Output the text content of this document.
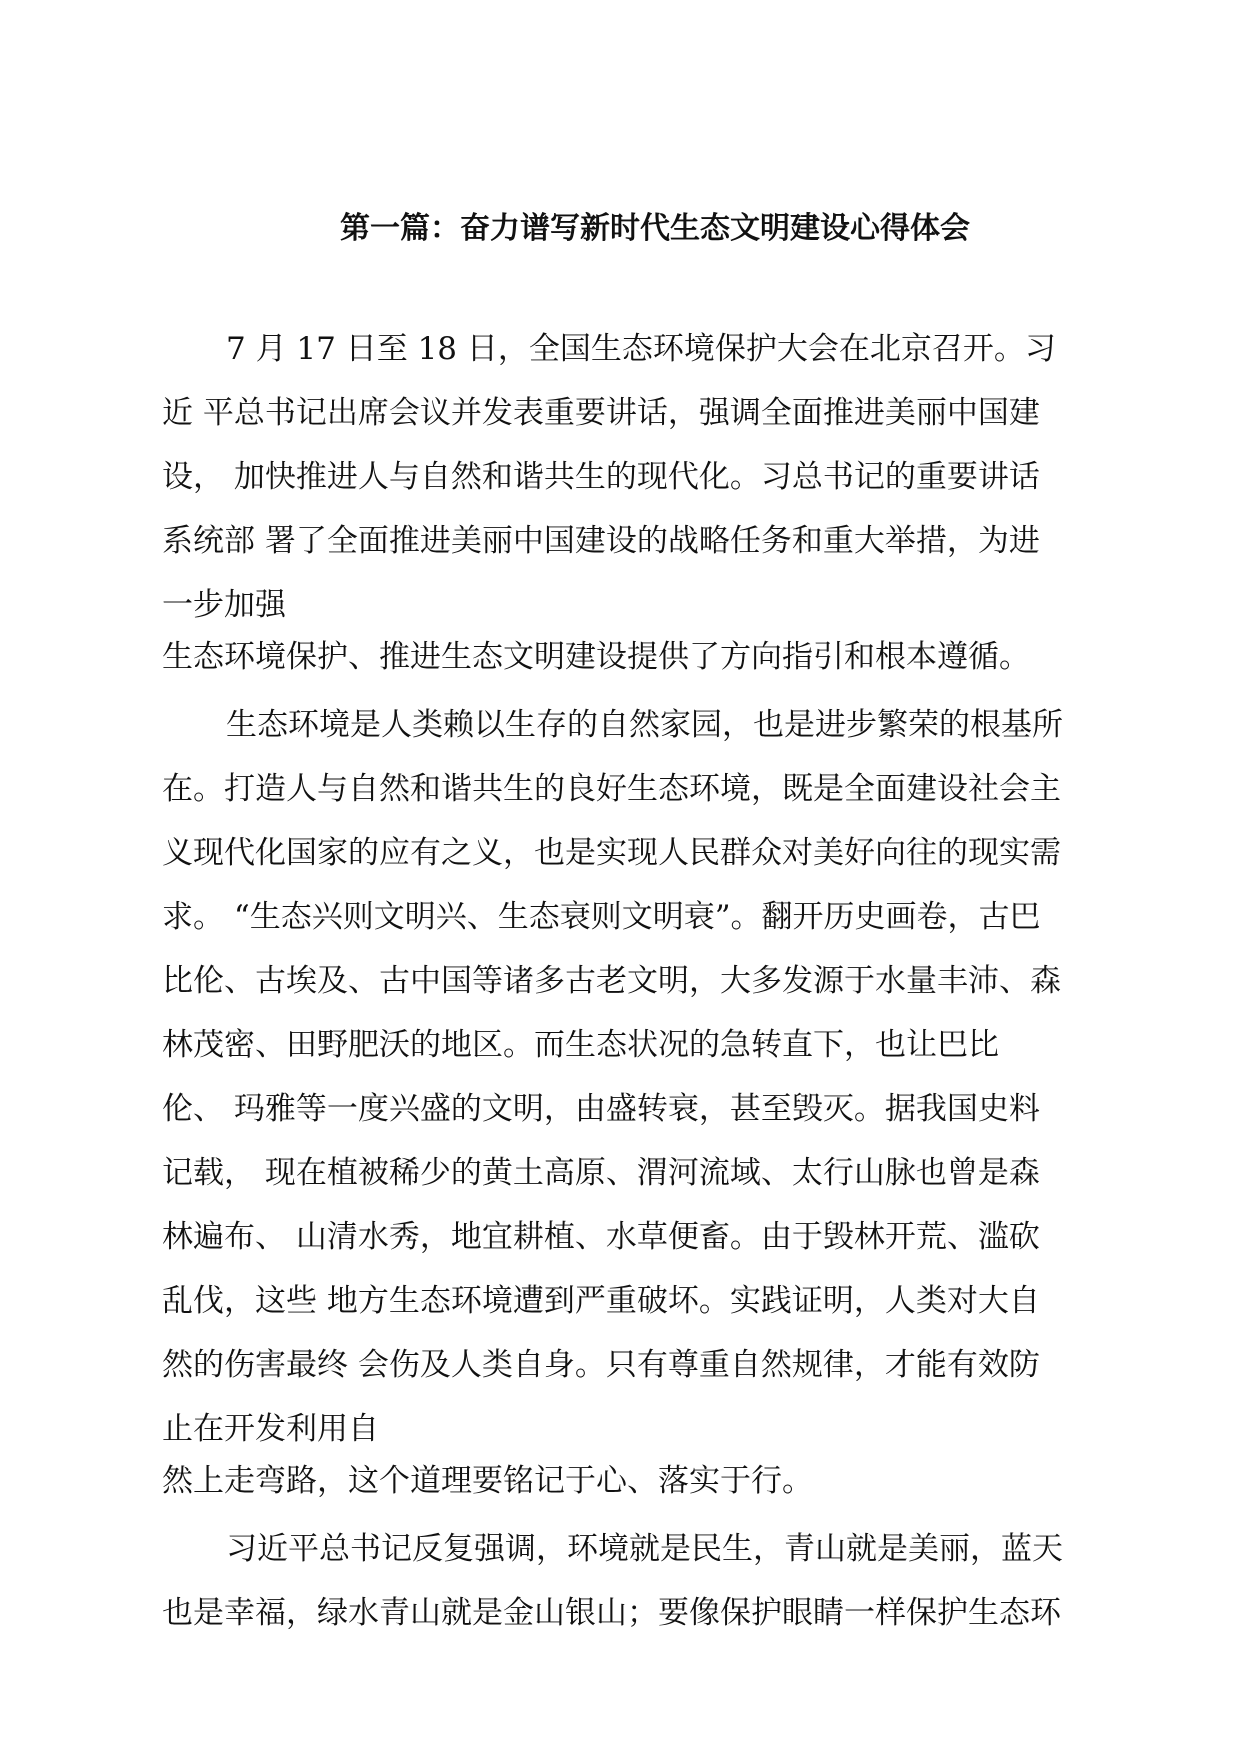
第一篇：奋力谱写新时代生态文明建设心得体会
7 月 17 日至 18 日，全国生态环境保护大会在北京召开。习
近 平总书记出席会议并发表重要讲话，强调全面推进美丽中国建
设， 加快推进人与自然和谐共生的现代化。习总书记的重要讲话
系统部 署了全面推进美丽中国建设的战略任务和重大举措，为进
一步加强
生态环境保护、推进生态文明建设提供了方向指引和根本遵循。
生态环境是人类赖以生存的自然家园，也是进步繁荣的根基所
在。打造人与自然和谐共生的良好生态环境，既是全面建设社会主
义现代化国家的应有之义，也是实现人民群众对美好向往的现实需
求。 “生态兴则文明兴、生态衰则文明衰”。翻开历史画卷，古巴
比伦、古埃及、古中国等诸多古老文明，大多发源于水量丰沛、森
林茂密、田野肥沃的地区。而生态状况的急转直下，也让巴比
伦、 玛雅等一度兴盛的文明，由盛转衰，甚至毁灭。据我国史料
记载， 现在植被稀少的黄土高原、渭河流域、太行山脉也曾是森
林遍布、 山清水秀，地宜耕植、水草便畜。由于毁林开荒、滥砍
乱伐，这些 地方生态环境遭到严重破坏。实践证明，人类对大自
然的伤害最终 会伤及人类自身。只有尊重自然规律，才能有效防
止在开发利用自
然上走弯路，这个道理要铭记于心、落实于行。
习近平总书记反复强调，环境就是民生，青山就是美丽，蓝天
也是幸福，绿水青山就是金山银山；要像保护眼睛一样保护生态环
